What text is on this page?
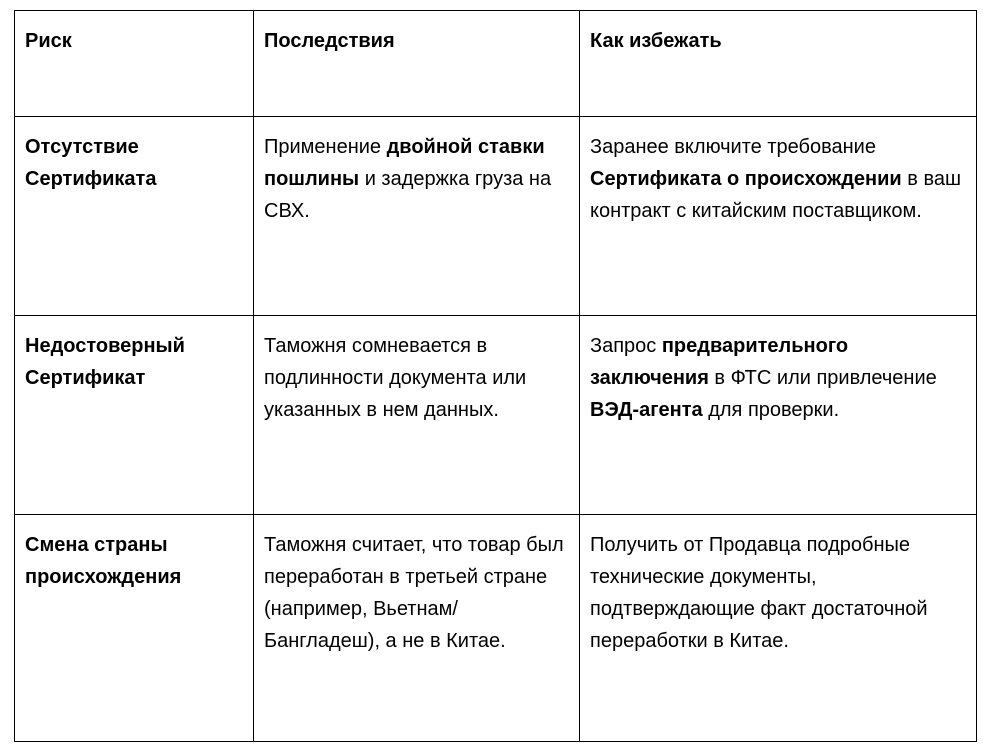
Риск	Последствия	Как избежать
Отсутствие Сертификата	Применение двойной ставки пошлины и задержка груза на СВХ.	Заранее включите требование Сертификата о происхождении в ваш контракт с китайским поставщиком.
Недостоверный Сертификат	Таможня сомневается в подлинности документа или указанных в нем данных.	Запрос предварительного заключения в ФТС или привлечение ВЭД-агента для проверки.
Смена страны происхождения	Таможня считает, что товар был переработан в третьей стране (например, Вьетнам/Бангладеш), а не в Китае.	Получить от Продавца подробные технические документы, подтверждающие факт достаточной переработки в Китае.
